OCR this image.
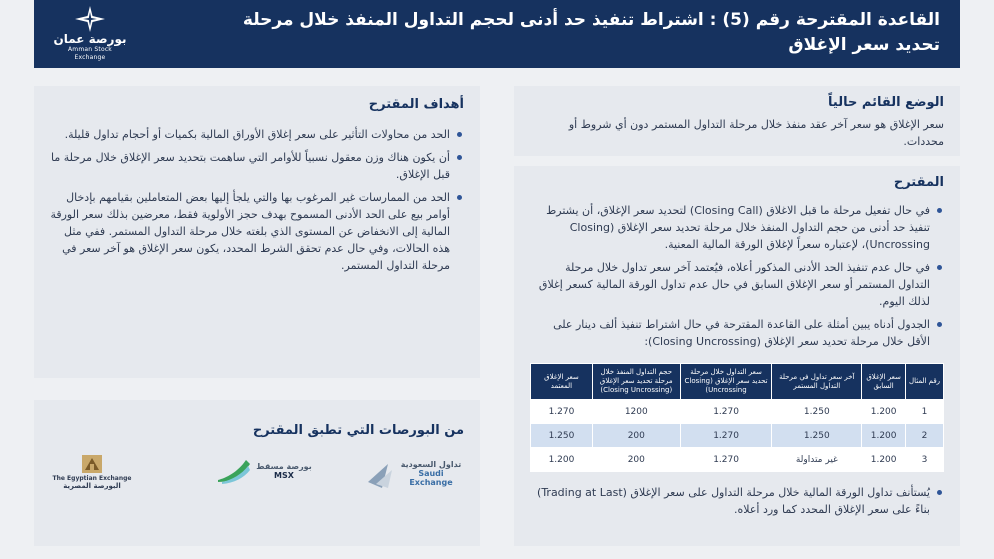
بورصة عمان
Amman Stock Exchange
القاعدة المقترحة رقم (5) : اشتراط تنفيذ حد أدنى لحجم التداول المنفذ خلال مرحلة تحديد سعر الإغلاق
أهداف المقترح
الحد من محاولات التأثير على سعر إغلاق الأوراق المالية بكميات أو أحجام تداول قليلة.
أن يكون هناك وزن معقول نسبياً للأوامر التي ساهمت بتحديد سعر الإغلاق خلال مرحلة ما قبل الإغلاق.
الحد من الممارسات غير المرغوب بها والتي يلجأ إليها بعض المتعاملين بقيامهم بإدخال أوامر بيع على الحد الأدنى المسموح بهدف حجز الأولوية فقط، معرضين بذلك سعر الورقة المالية إلى الانخفاض عن المستوى الذي بلغته خلال مرحلة التداول المستمر. ففي مثل هذه الحالات، وفي حال عدم تحقق الشرط المحدد، يكون سعر الإغلاق هو آخر سعر في مرحلة التداول المستمر.
الوضع القائم حالياً
سعر الإغلاق هو سعر آخر عقد منفذ خلال مرحلة التداول المستمر دون أي شروط أو محددات.
المقترح
في حال تفعيل مرحلة ما قبل الاغلاق (Closing Call) لتحديد سعر الإغلاق، أن يشترط تنفيذ حد أدنى من حجم التداول المنفذ خلال مرحلة تحديد سعر الإغلاق (Closing Uncrossing)، لإعتباره سعراً لإغلاق الورقة المالية المعنية.
في حال عدم تنفيذ الحد الأدنى المذكور أعلاه، فيُعتمد آخر سعر تداول خلال مرحلة التداول المستمر أو سعر الإغلاق السابق في حال عدم تداول الورقة المالية كسعر إغلاق لذلك اليوم.
الجدول أدناه يبين أمثلة على القاعدة المقترحة في حال اشتراط تنفيذ ألف دينار على الأقل خلال مرحلة تحديد سعر الإغلاق (Closing Uncrossing):
رقم المثال	سعر الإغلاق السابق	آخر سعر تداول في مرحلة التداول المستمر	سعر التداول خلال مرحلة تحديد سعر الإغلاق (Closing Uncrossing)	حجم التداول المنفذ خلال مرحلة تحديد سعر الإغلاق (Closing Uncrossing)	سعر الإغلاق المعتمد
1	1.200	1.250	1.270	1200	1.270
2	1.200	1.250	1.270	200	1.250
3	1.200	غير متداولة	1.270	200	1.200
يُستأنف تداول الورقة المالية خلال مرحلة التداول على سعر الإغلاق (Trading at Last) بناءً على سعر الإغلاق المحدد كما ورد أعلاه.
من البورصات التي تطبق المقترح
تداول السعودية
Saudi Exchange
بورصة مسقط
MSX
The Egyptian Exchange
البورصة المصرية
